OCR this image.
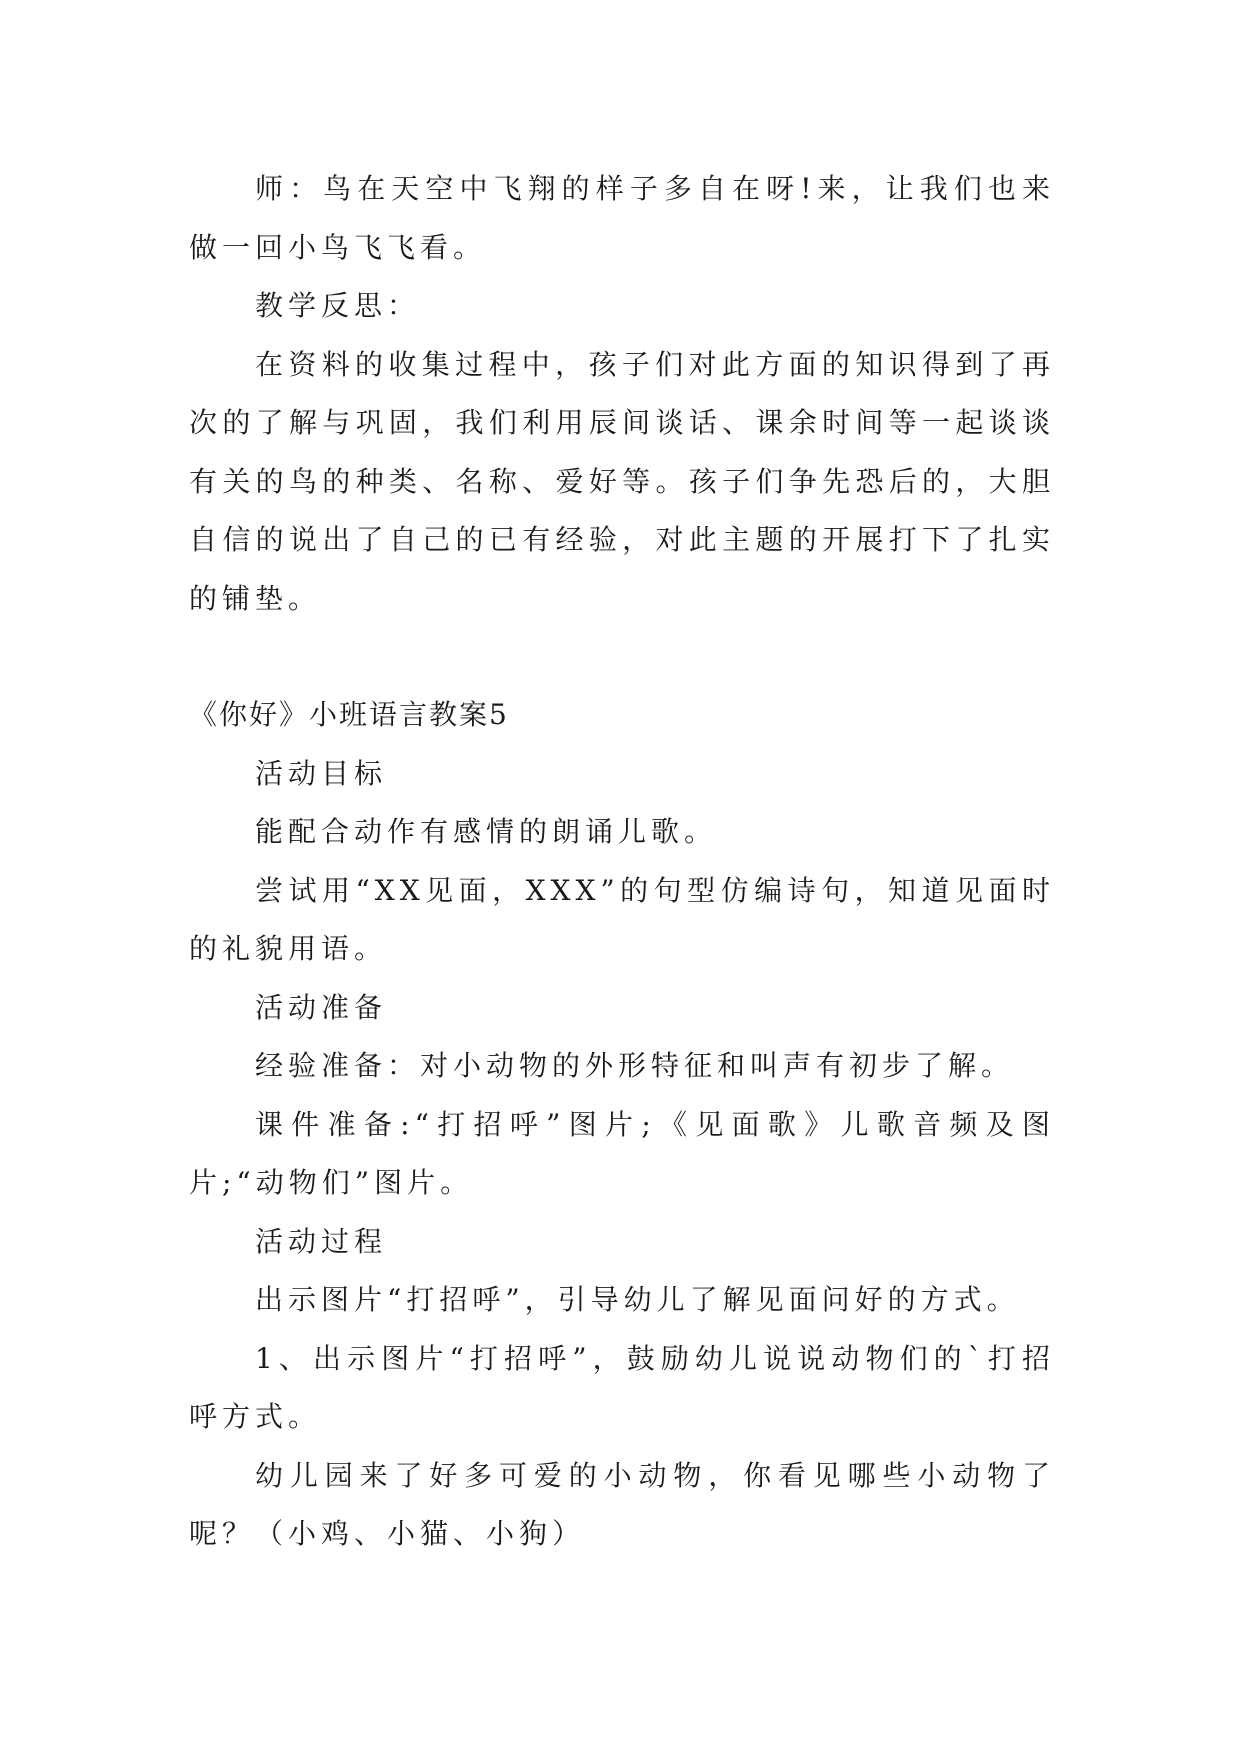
师：鸟在天空中飞翔的样子多自在呀!来，让我们也来做一回小鸟飞飞看。

教学反思：

在资料的收集过程中，孩子们对此方面的知识得到了再次的了解与巩固，我们利用辰间谈话、课余时间等一起谈谈有关的鸟的种类、名称、爱好等。孩子们争先恐后的，大胆自信的说出了自己的已有经验，对此主题的开展打下了扎实的铺垫。

《你好》小班语言教案5

活动目标

能配合动作有感情的朗诵儿歌。

尝试用“XX见面，XXX”的句型仿编诗句，知道见面时的礼貌用语。

活动准备

经验准备：对小动物的外形特征和叫声有初步了解。

课件准备:“打招呼”图片;《见面歌》儿歌音频及图片;“动物们”图片。

活动过程

出示图片“打招呼”，引导幼儿了解见面问好的方式。

1、出示图片“打招呼”，鼓励幼儿说说动物们的`打招呼方式。

幼儿园来了好多可爱的小动物，你看见哪些小动物了呢？（小鸡、小猫、小狗）
